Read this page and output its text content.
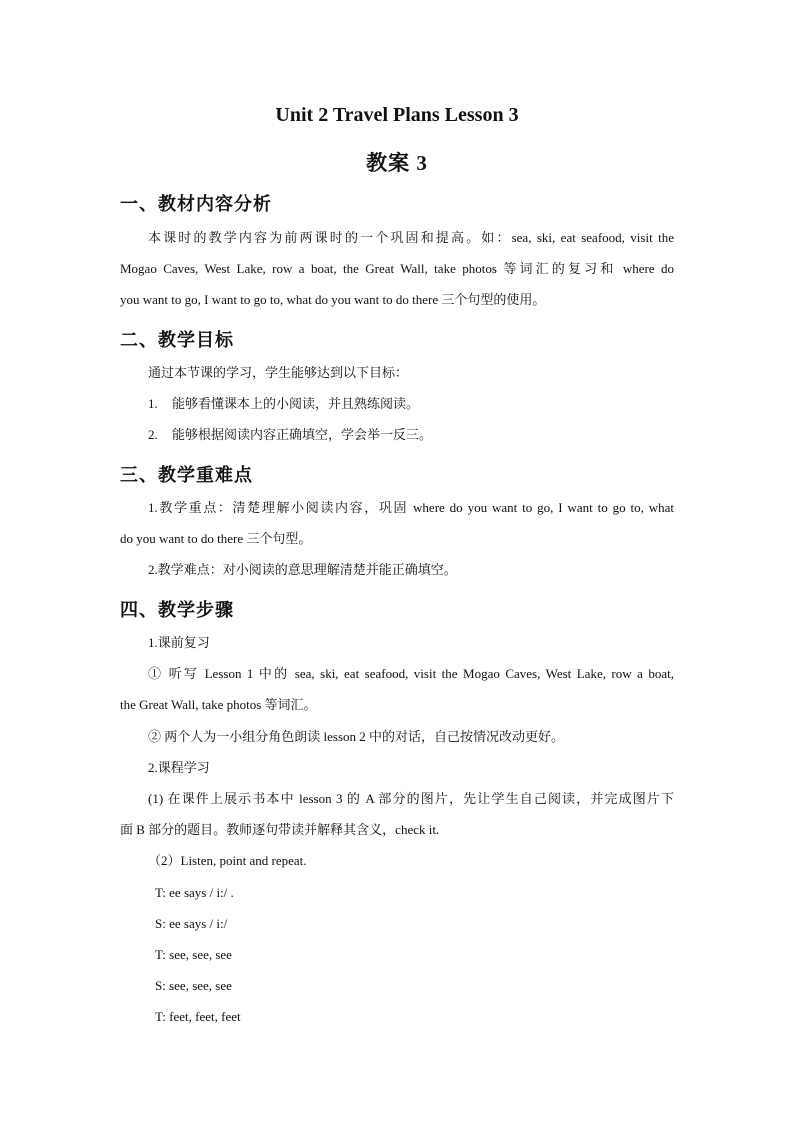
Unit 2 Travel Plans Lesson 3
教案 3
一、教材内容分析
本课时的教学内容为前两课时的一个巩固和提高。如：sea, ski, eat seafood, visit the
Mogao Caves, West Lake, row a boat, the Great Wall, take photos 等词汇的复习和 where do
you want to go, I want to go to, what do you want to do there 三个句型的使用。
二、教学目标
通过本节课的学习，学生能够达到以下目标：
1. 能够看懂课本上的小阅读，并且熟练阅读。
2. 能够根据阅读内容正确填空，学会举一反三。
三、教学重难点
1.教学重点：清楚理解小阅读内容，巩固 where do you want to go, I want to go to, what
do you want to do there 三个句型。
2.教学难点：对小阅读的意思理解清楚并能正确填空。
四、教学步骤
1.课前复习
① 听写 Lesson 1 中的 sea, ski, eat seafood, visit the Mogao Caves, West Lake, row a boat,
the Great Wall, take photos 等词汇。
② 两个人为一小组分角色朗读 lesson 2 中的对话，自己按情况改动更好。
2.课程学习
(1) 在课件上展示书本中 lesson 3 的 A 部分的图片，先让学生自己阅读，并完成图片下
面 B 部分的题目。教师逐句带读并解释其含义，check it.
（2）Listen, point and repeat.
T: ee says / i:/ .
S: ee says / i:/
T: see, see, see
S: see, see, see
T: feet, feet, feet
